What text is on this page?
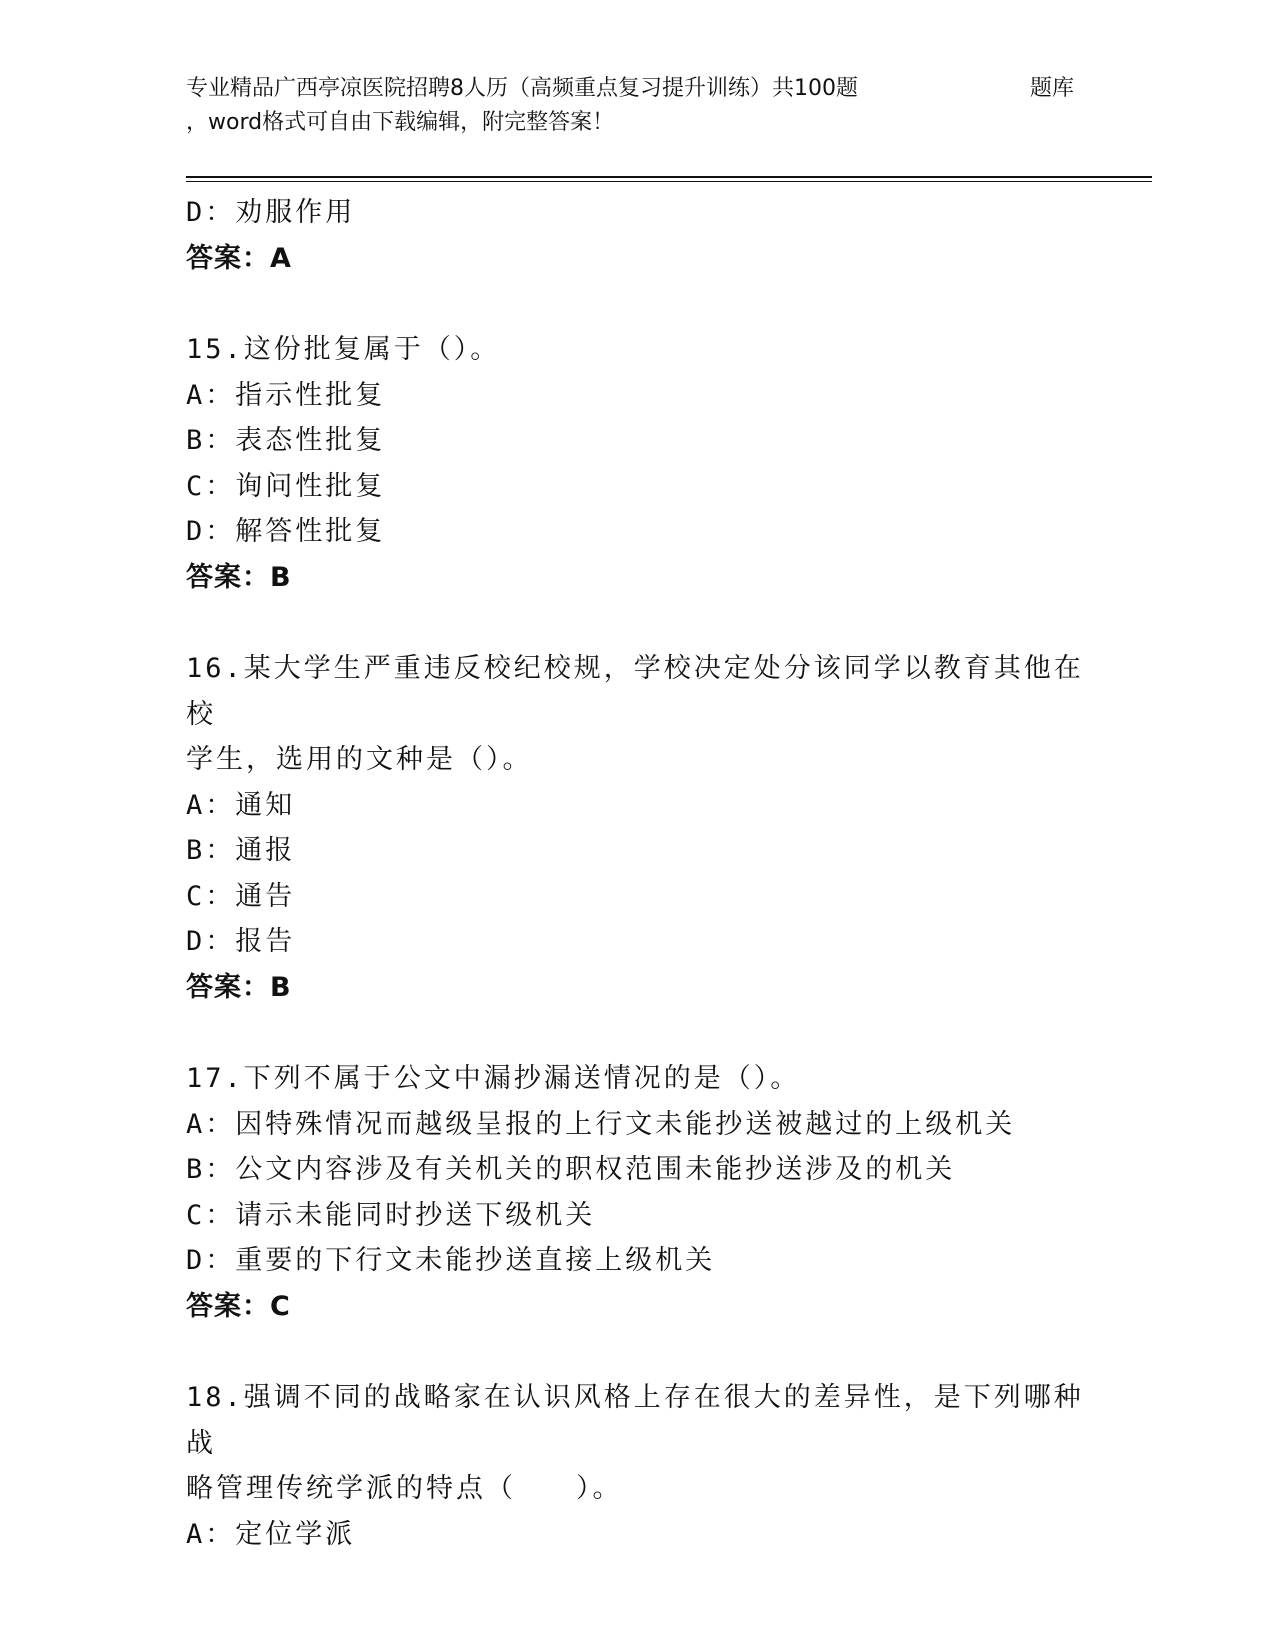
专业精品广西亭凉医院招聘8人历（高频重点复习提升训练）共100题	题库
，word格式可自由下载编辑，附完整答案！
D：劝服作用
答案：A
15.这份批复属于（）。
A：指示性批复
B：表态性批复
C：询问性批复
D：解答性批复
答案：B
16.某大学生严重违反校纪校规，学校决定处分该同学以教育其他在校
学生，选用的文种是（）。
A：通知
B：通报
C：通告
D：报告
答案：B
17.下列不属于公文中漏抄漏送情况的是（）。
A：因特殊情况而越级呈报的上行文未能抄送被越过的上级机关
B：公文内容涉及有关机关的职权范围未能抄送涉及的机关
C：请示未能同时抄送下级机关
D：重要的下行文未能抄送直接上级机关
答案：C
18.强调不同的战略家在认识风格上存在很大的差异性，是下列哪种战
略管理传统学派的特点（　　）。
A：定位学派
